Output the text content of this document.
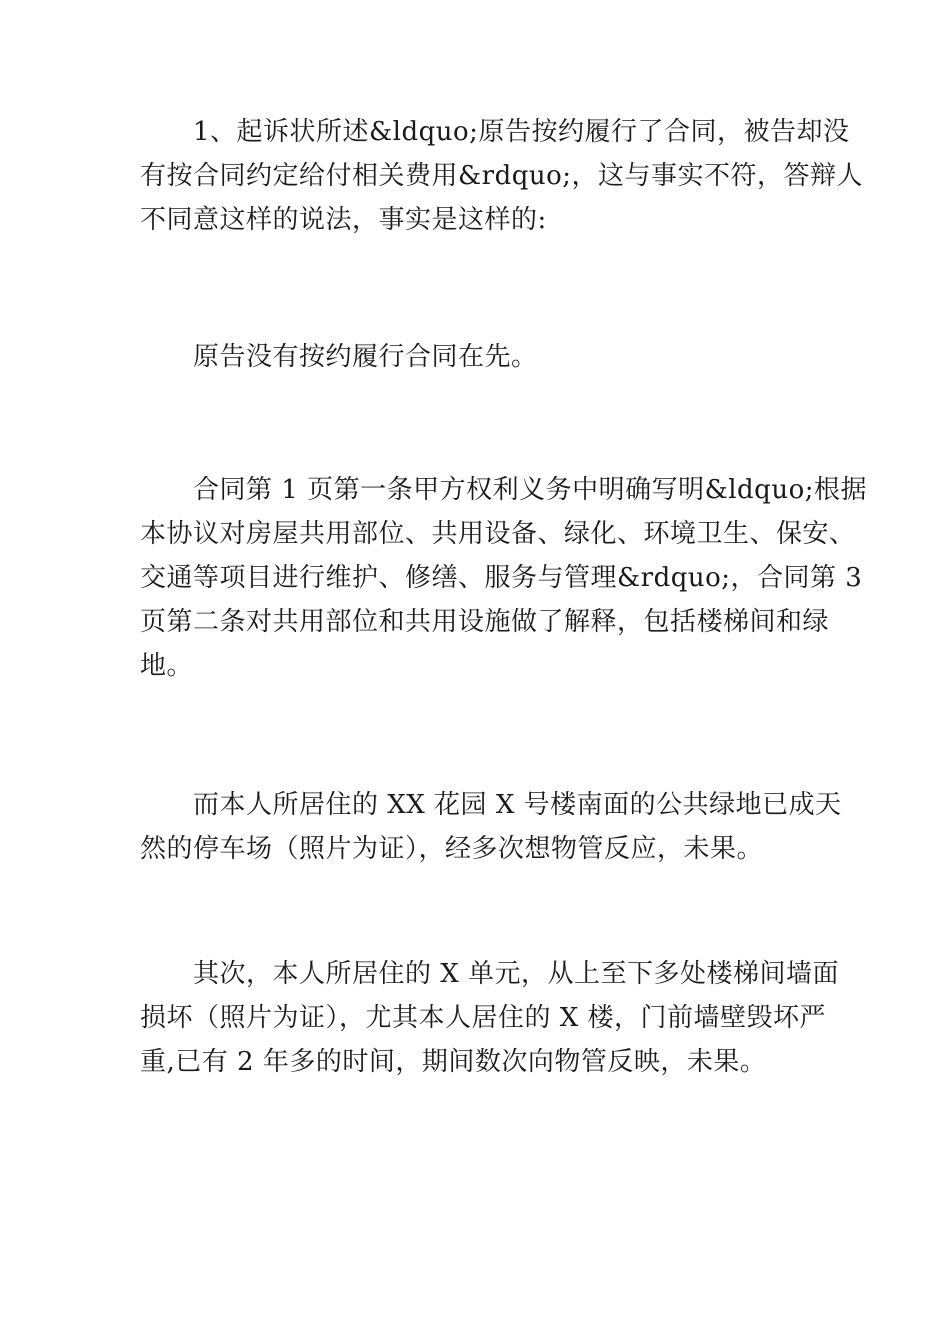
　　1、起诉状所述&ldquo;原告按约履行了合同，被告却没

有按合同约定给付相关费用&rdquo;，这与事实不符，答辩人

不同意这样的说法，事实是这样的:

　　原告没有按约履行合同在先。

　　合同第 1 页第一条甲方权利义务中明确写明&ldquo;根据

本协议对房屋共用部位、共用设备、绿化、环境卫生、保安、

交通等项目进行维护、修缮、服务与管理&rdquo;，合同第 3

页第二条对共用部位和共用设施做了解释，包括楼梯间和绿

地。

　　而本人所居住的 XX 花园 X 号楼南面的公共绿地已成天

然的停车场（照片为证），经多次想物管反应，未果。

　　其次，本人所居住的 X 单元，从上至下多处楼梯间墙面

损坏（照片为证），尤其本人居住的 X 楼，门前墙壁毁坏严

重,已有 2 年多的时间，期间数次向物管反映，未果。
